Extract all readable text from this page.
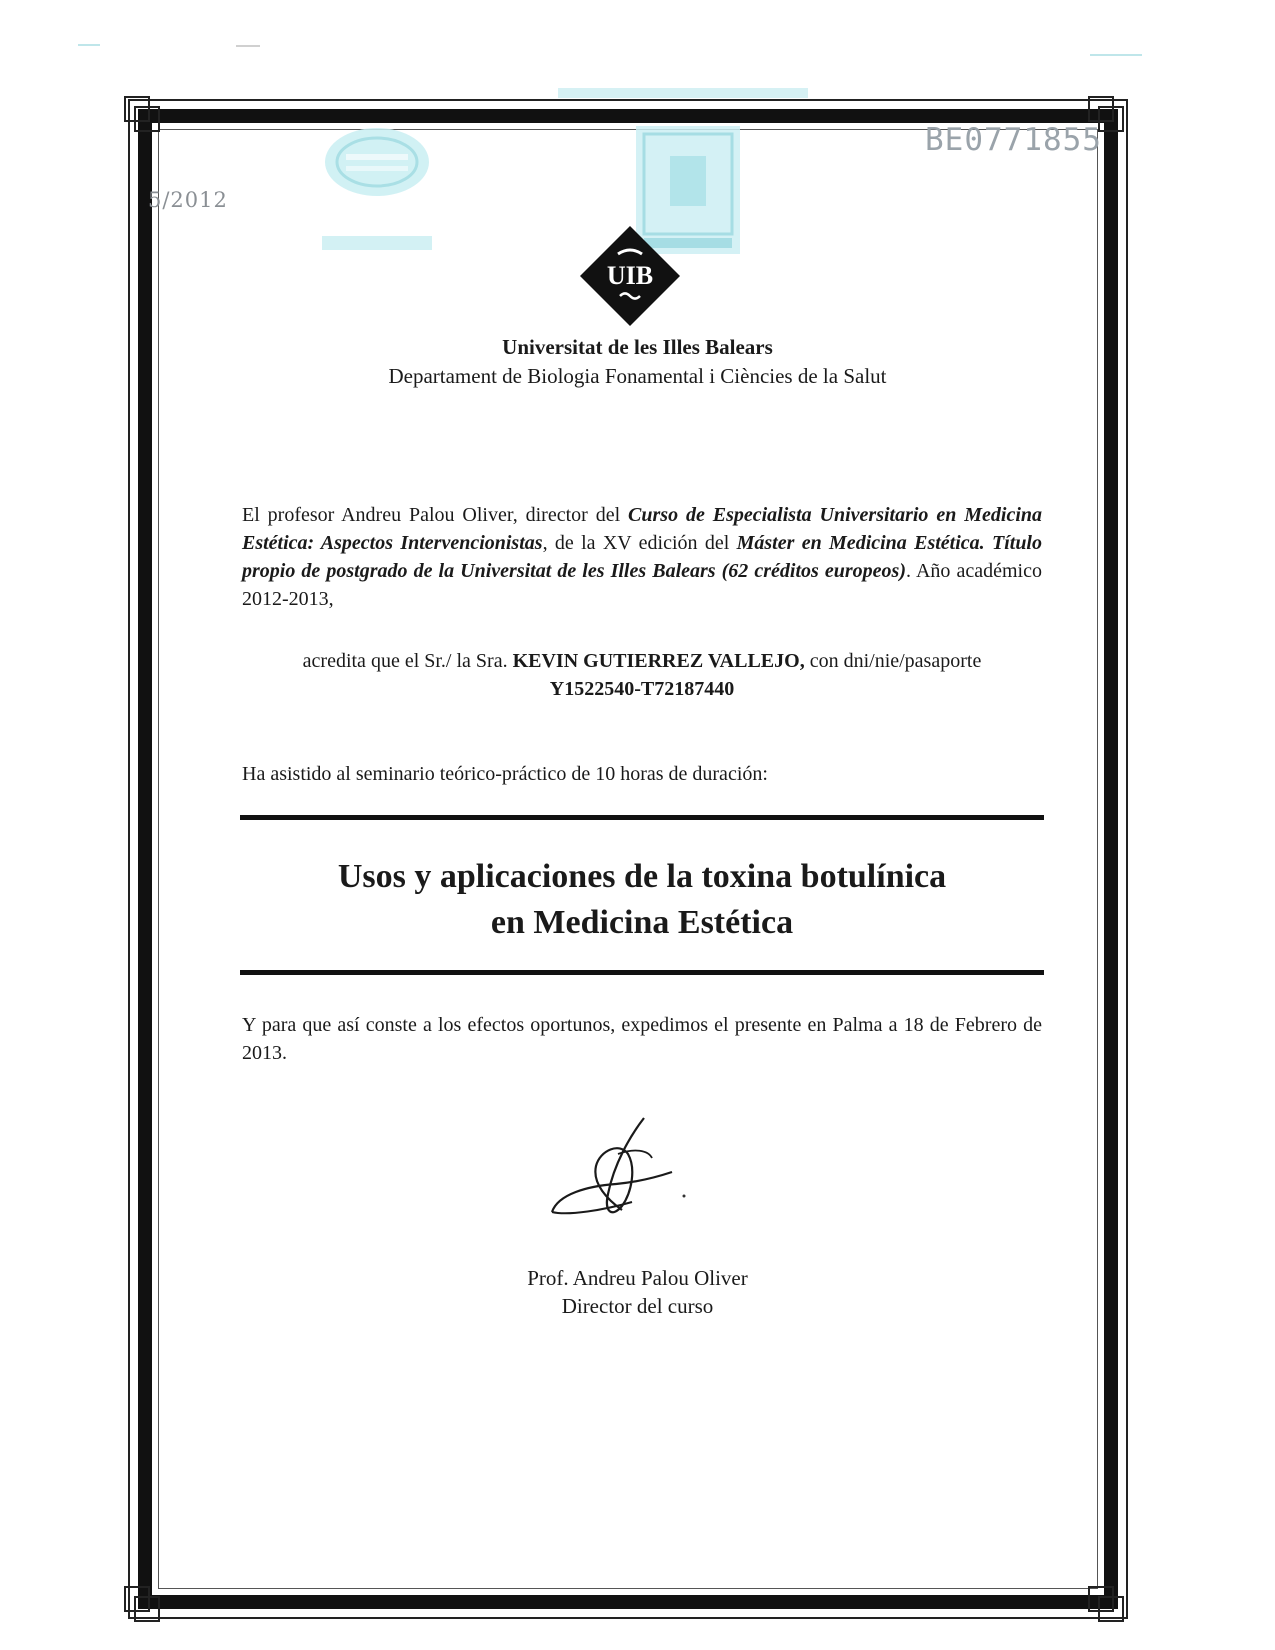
BE0771855
5/2012
UIB
Universitat de les Illes Balears
Departament de Biologia Fonamental i Ciències de la Salut
El profesor Andreu Palou Oliver, director del Curso de Especialista Universitario en Medicina Estética: Aspectos Intervencionistas, de la XV edición del Máster en Medicina Estética. Título propio de postgrado de la Universitat de les Illes Balears (62 créditos europeos). Año académico 2012-2013,
acredita que el Sr./ la Sra. KEVIN GUTIERREZ VALLEJO, con dni/nie/pasaporte
Y1522540-T72187440
Ha asistido al seminario teórico-práctico de 10 horas de duración:
Usos y aplicaciones de la toxina botulínica
en Medicina Estética
Y para que así conste a los efectos oportunos, expedimos el presente en Palma a 18 de Febrero de 2013.
Prof. Andreu Palou Oliver
Director del curso
